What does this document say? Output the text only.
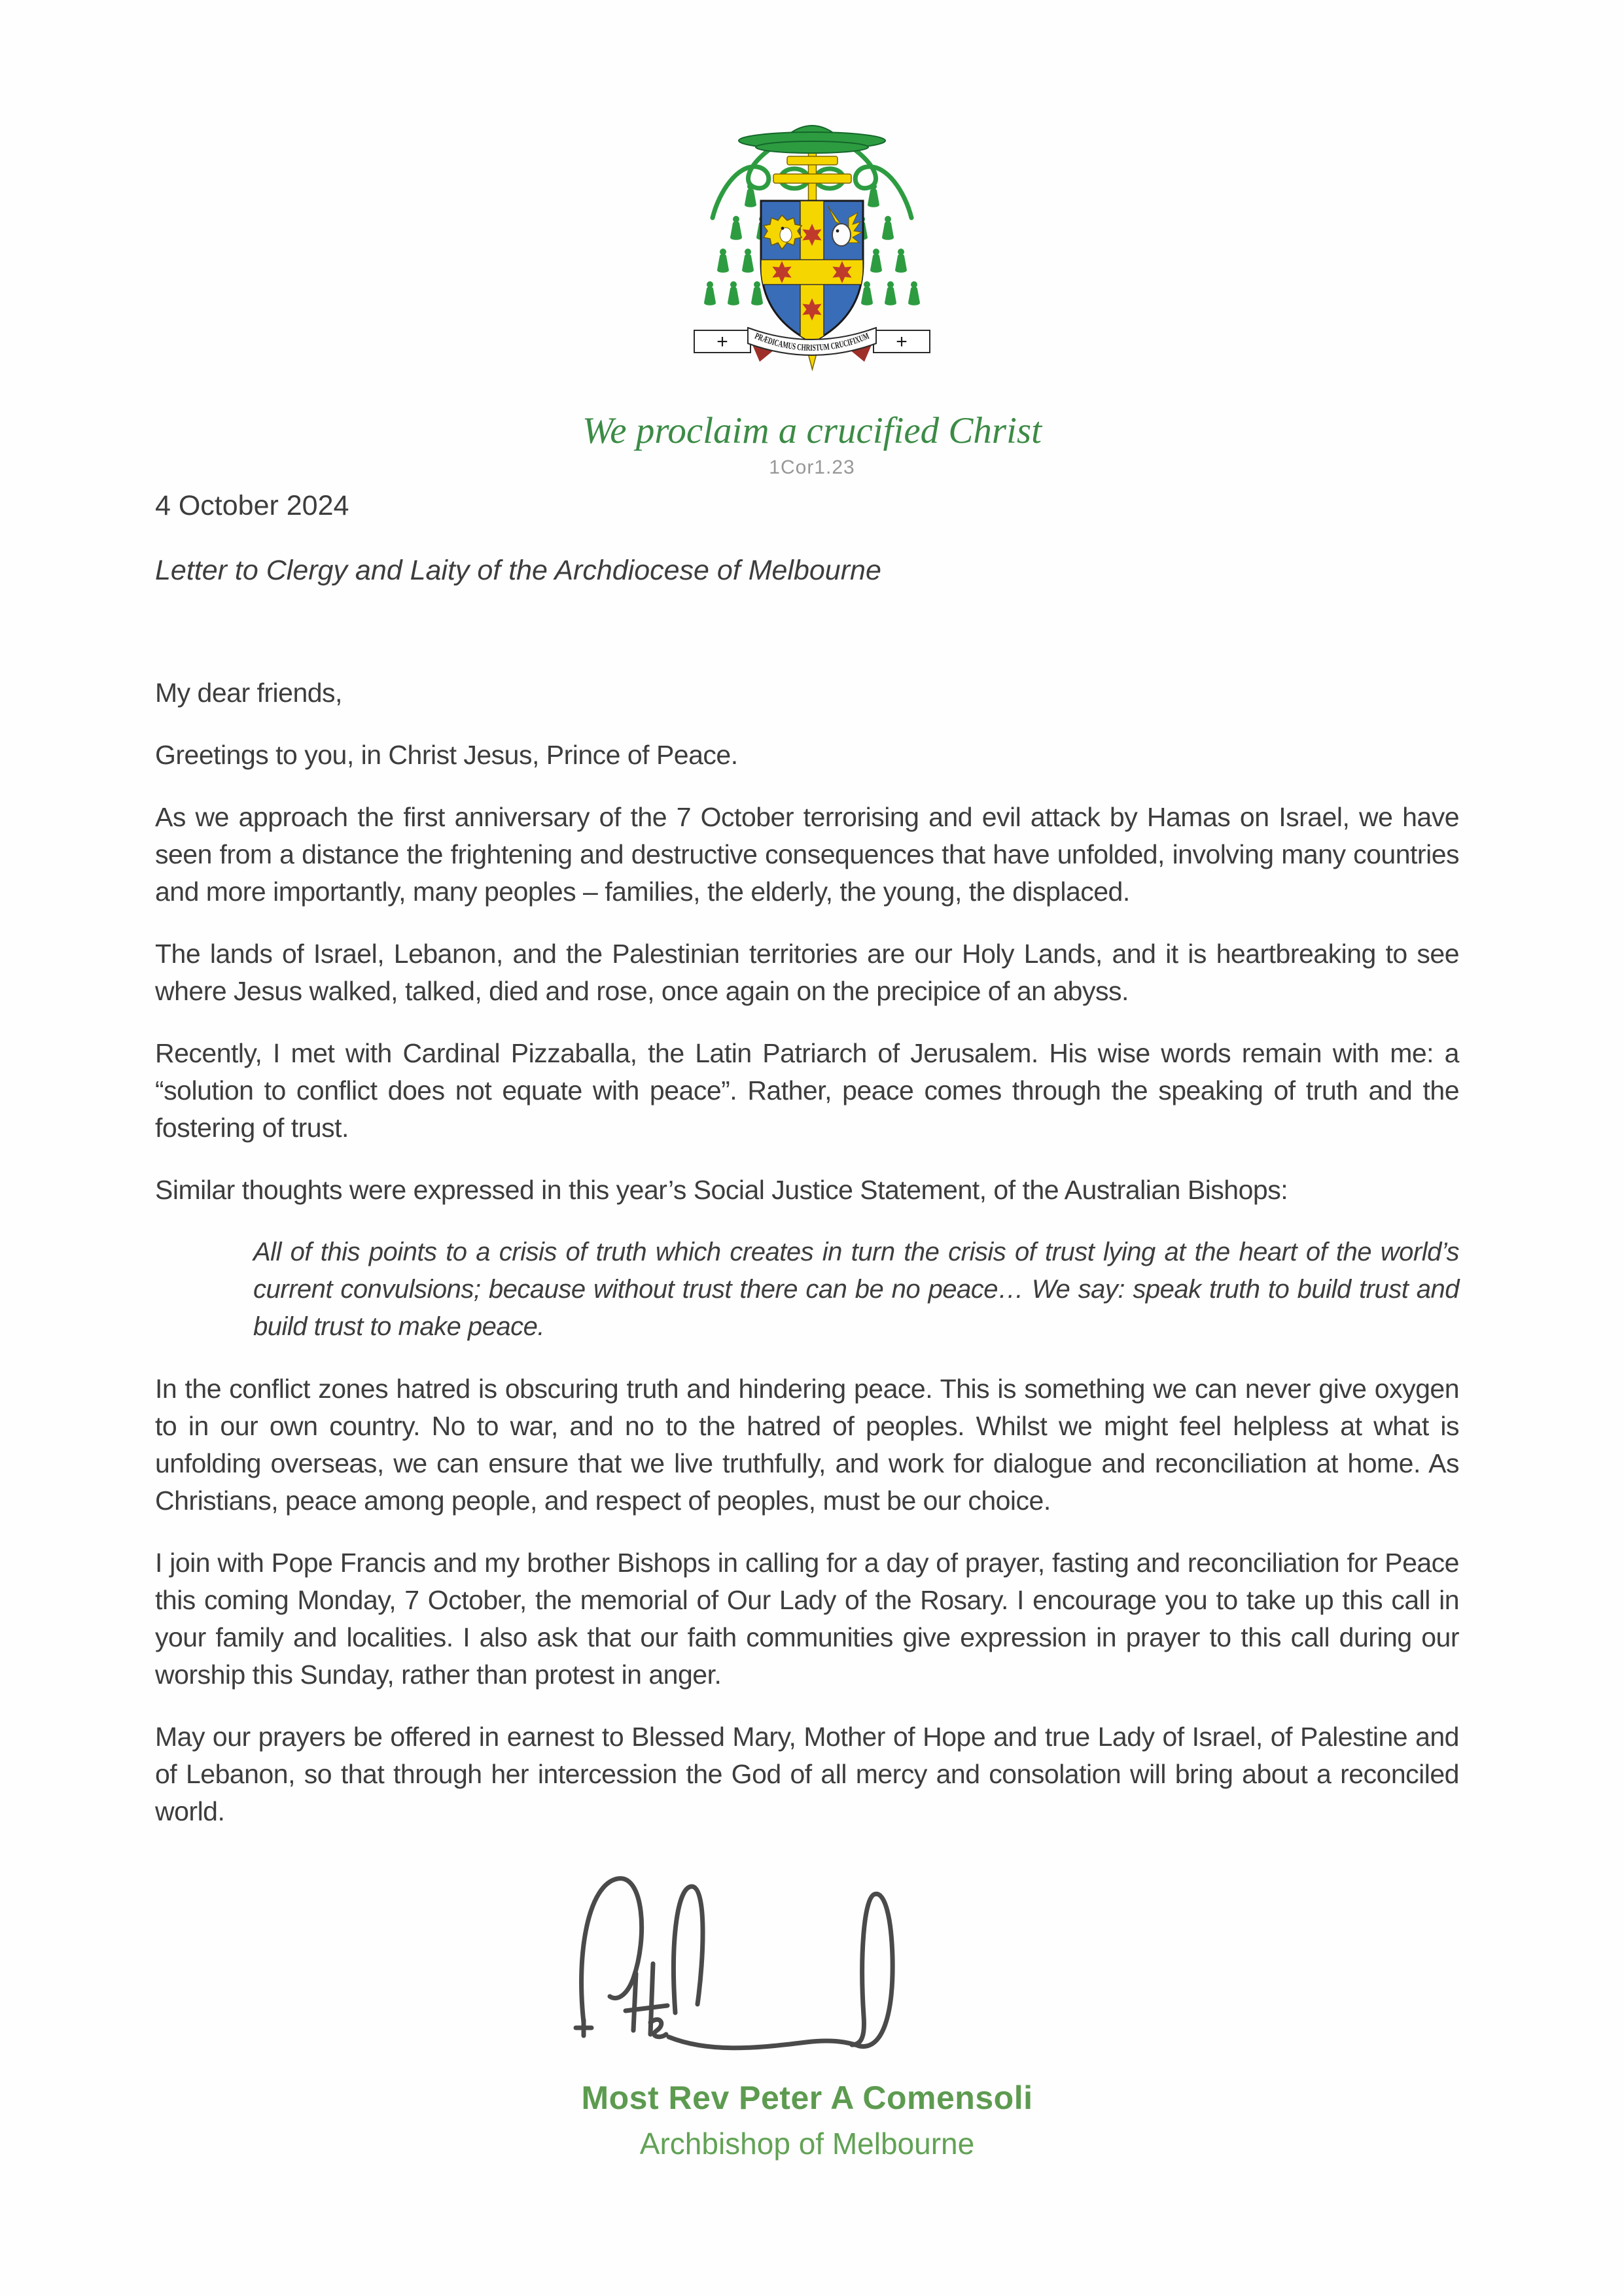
+	+
PRÆDICAMUS CHRISTUM CRUCIFIXUM
We proclaim a crucified Christ
1Cor1.23
4 October 2024
Letter to Clergy and Laity of the Archdiocese of Melbourne

My dear friends,

Greetings to you, in Christ Jesus, Prince of Peace.

As we approach the first anniversary of the 7 October terrorising and evil attack by Hamas on Israel, we have seen from a distance the frightening and destructive consequences that have unfolded, involving many countries and more importantly, many peoples – families, the elderly, the young, the displaced.

The lands of Israel, Lebanon, and the Palestinian territories are our Holy Lands, and it is heartbreaking to see where Jesus walked, talked, died and rose, once again on the precipice of an abyss.

Recently, I met with Cardinal Pizzaballa, the Latin Patriarch of Jerusalem. His wise words remain with me: a “solution to conflict does not equate with peace”. Rather, peace comes through the speaking of truth and the fostering of trust.

Similar thoughts were expressed in this year’s Social Justice Statement, of the Australian Bishops:

All of this points to a crisis of truth which creates in turn the crisis of trust lying at the heart of the world’s current convulsions; because without trust there can be no peace… We say: speak truth to build trust and build trust to make peace.

In the conflict zones hatred is obscuring truth and hindering peace. This is something we can never give oxygen to in our own country. No to war, and no to the hatred of peoples. Whilst we might feel helpless at what is unfolding overseas, we can ensure that we live truthfully, and work for dialogue and reconciliation at home. As Christians, peace among people, and respect of peoples, must be our choice.

I join with Pope Francis and my brother Bishops in calling for a day of prayer, fasting and reconciliation for Peace this coming Monday, 7 October, the memorial of Our Lady of the Rosary. I encourage you to take up this call in your family and localities. I also ask that our faith communities give expression in prayer to this call during our worship this Sunday, rather than protest in anger.

May our prayers be offered in earnest to Blessed Mary, Mother of Hope and true Lady of Israel, of Palestine and of Lebanon, so that through her intercession the God of all mercy and consolation will bring about a reconciled world.

Most Rev Peter A Comensoli
Archbishop of Melbourne
